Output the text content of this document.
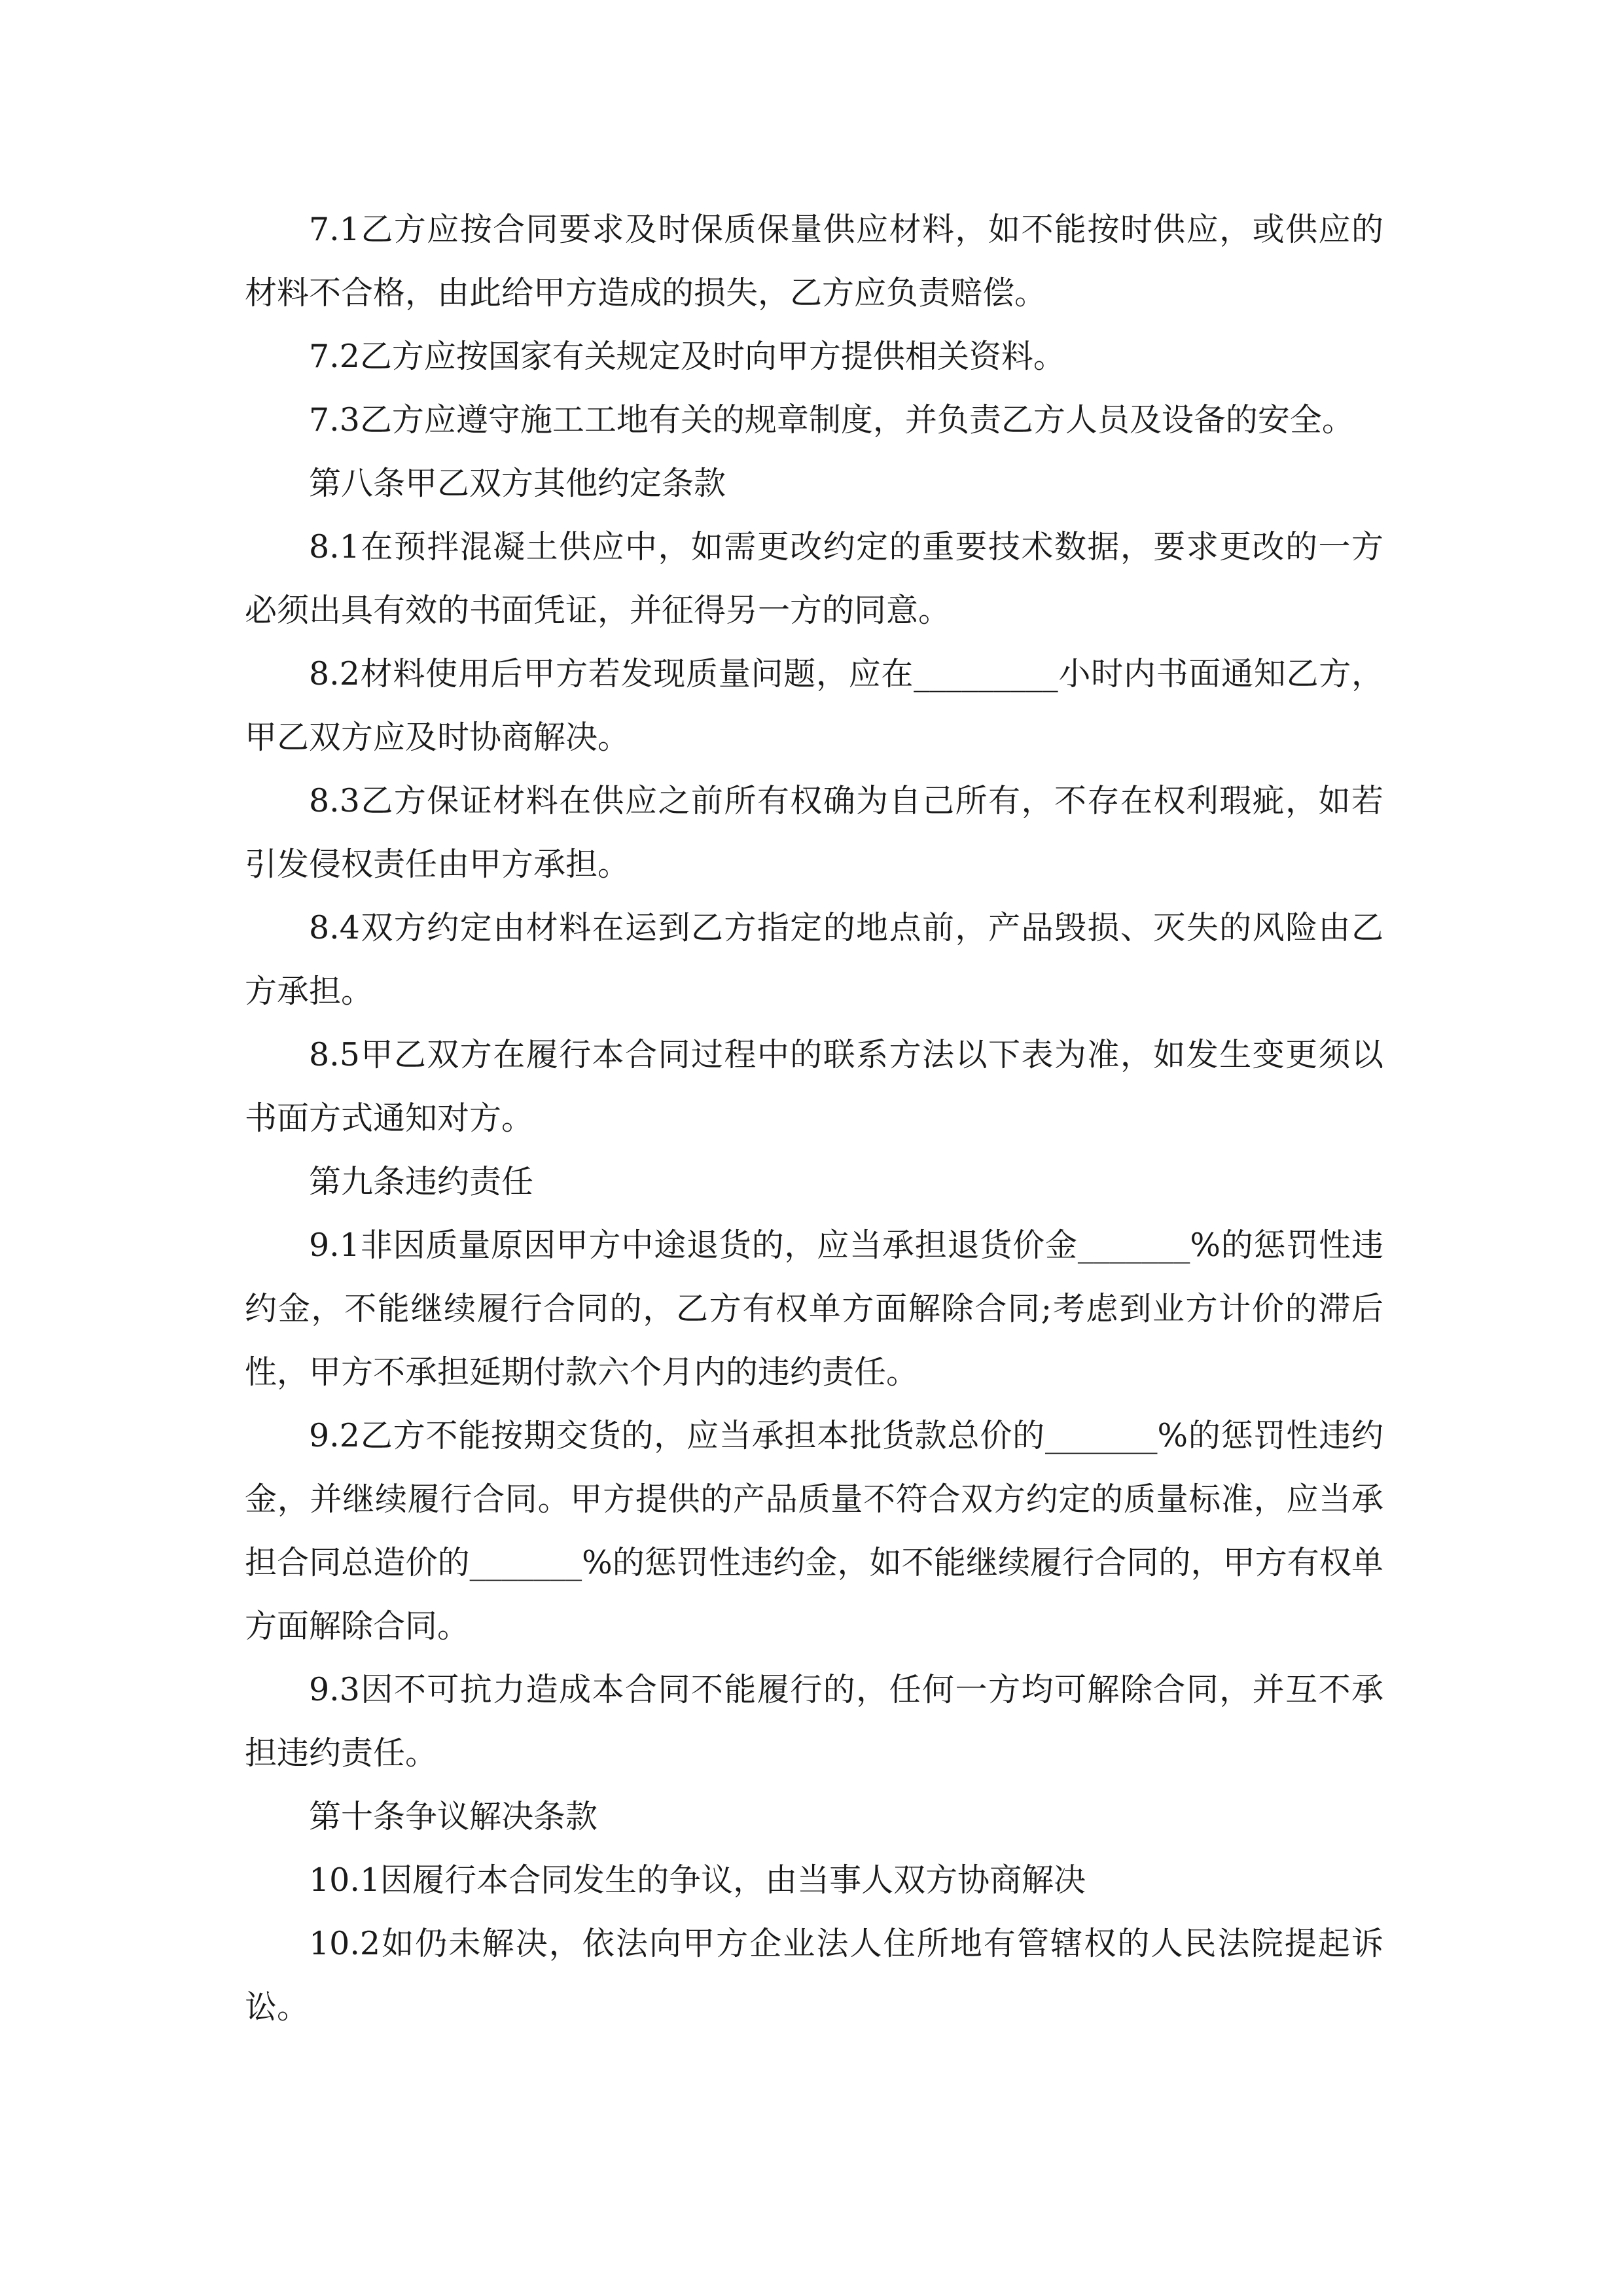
7.1乙方应按合同要求及时保质保量供应材料，如不能按时供应，或供应的材料不合格，由此给甲方造成的损失，乙方应负责赔偿。

7.2乙方应按国家有关规定及时向甲方提供相关资料。

7.3乙方应遵守施工工地有关的规章制度，并负责乙方人员及设备的安全。

第八条甲乙双方其他约定条款

8.1在预拌混凝土供应中，如需更改约定的重要技术数据，要求更改的一方必须出具有效的书面凭证，并征得另一方的同意。

8.2材料使用后甲方若发现质量问题，应在_________小时内书面通知乙方，甲乙双方应及时协商解决。

8.3乙方保证材料在供应之前所有权确为自己所有，不存在权利瑕疵，如若引发侵权责任由甲方承担。

8.4双方约定由材料在运到乙方指定的地点前，产品毁损、灭失的风险由乙方承担。

8.5甲乙双方在履行本合同过程中的联系方法以下表为准，如发生变更须以书面方式通知对方。

第九条违约责任

9.1非因质量原因甲方中途退货的，应当承担退货价金_______%的惩罚性违约金，不能继续履行合同的，乙方有权单方面解除合同;考虑到业方计价的滞后性，甲方不承担延期付款六个月内的违约责任。

9.2乙方不能按期交货的，应当承担本批货款总价的_______%的惩罚性违约金，并继续履行合同。甲方提供的产品质量不符合双方约定的质量标准，应当承担合同总造价的_______%的惩罚性违约金，如不能继续履行合同的，甲方有权单方面解除合同。

9.3因不可抗力造成本合同不能履行的，任何一方均可解除合同，并互不承担违约责任。

第十条争议解决条款

10.1因履行本合同发生的争议，由当事人双方协商解决

10.2如仍未解决，依法向甲方企业法人住所地有管辖权的人民法院提起诉讼。
